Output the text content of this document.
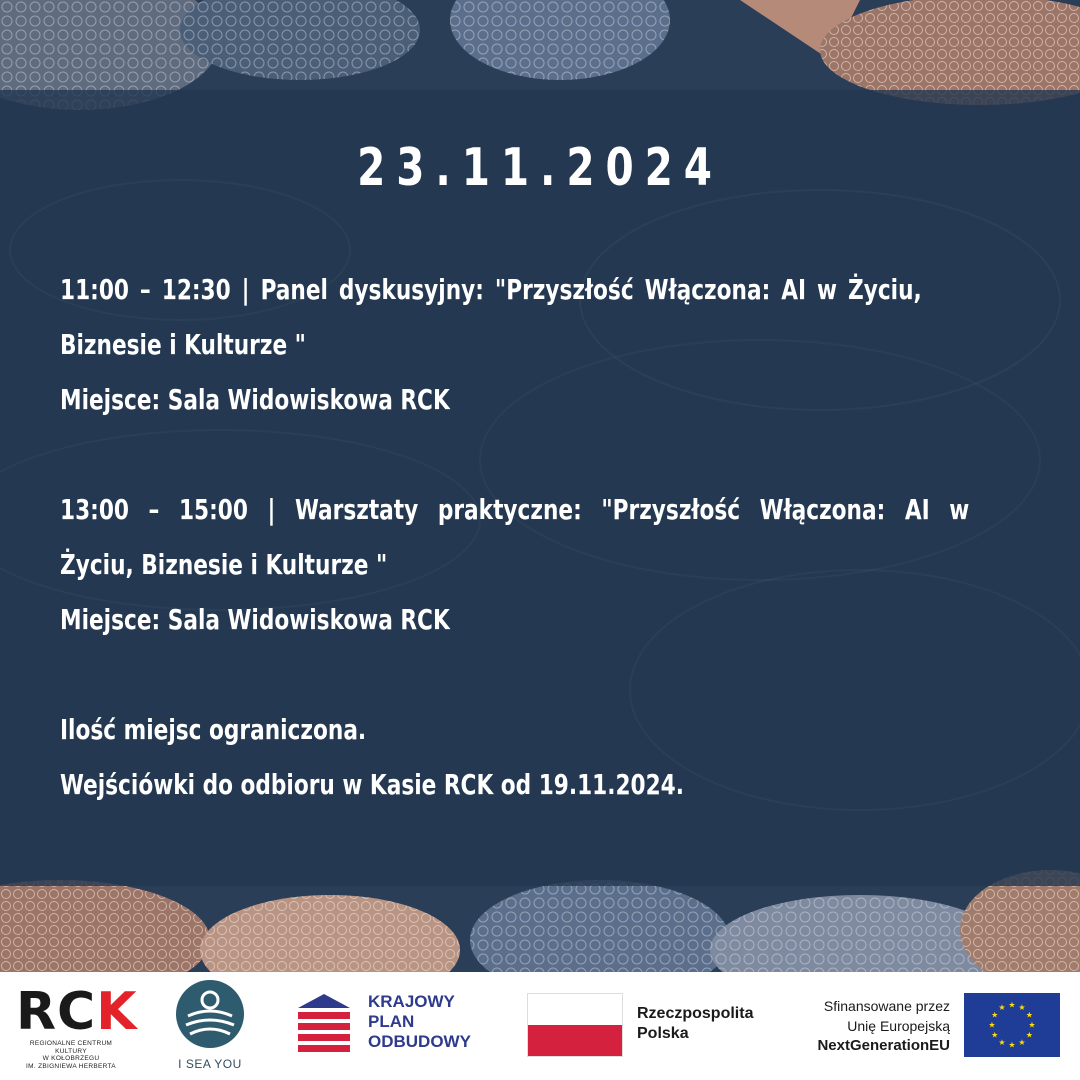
23.11.2024
11:00 – 12:30 | Panel dyskusyjny: "Przyszłość Włączona: AI w Życiu,
Biznesie i Kulturze "
Miejsce: Sala Widowiskowa RCK
13:00 – 15:00 | Warsztaty praktyczne: "Przyszłość Włączona: AI w
Życiu, Biznesie i Kulturze "
Miejsce: Sala Widowiskowa RCK
Ilość miejsc ograniczona.
Wejściówki do odbioru w Kasie RCK od 19.11.2024.
RCK
REGIONALNE CENTRUM KULTURY
W KOŁOBRZEGU
IM. ZBIGNIEWA HERBERTA	I SEA YOU
KRAJOWY
PLAN
ODBUDOWY
Rzeczpospolita
Polska
Sfinansowane przez
Unię Europejską
NextGenerationEU
★ ★
★
★
★
★
★
★
★
★
★
★
